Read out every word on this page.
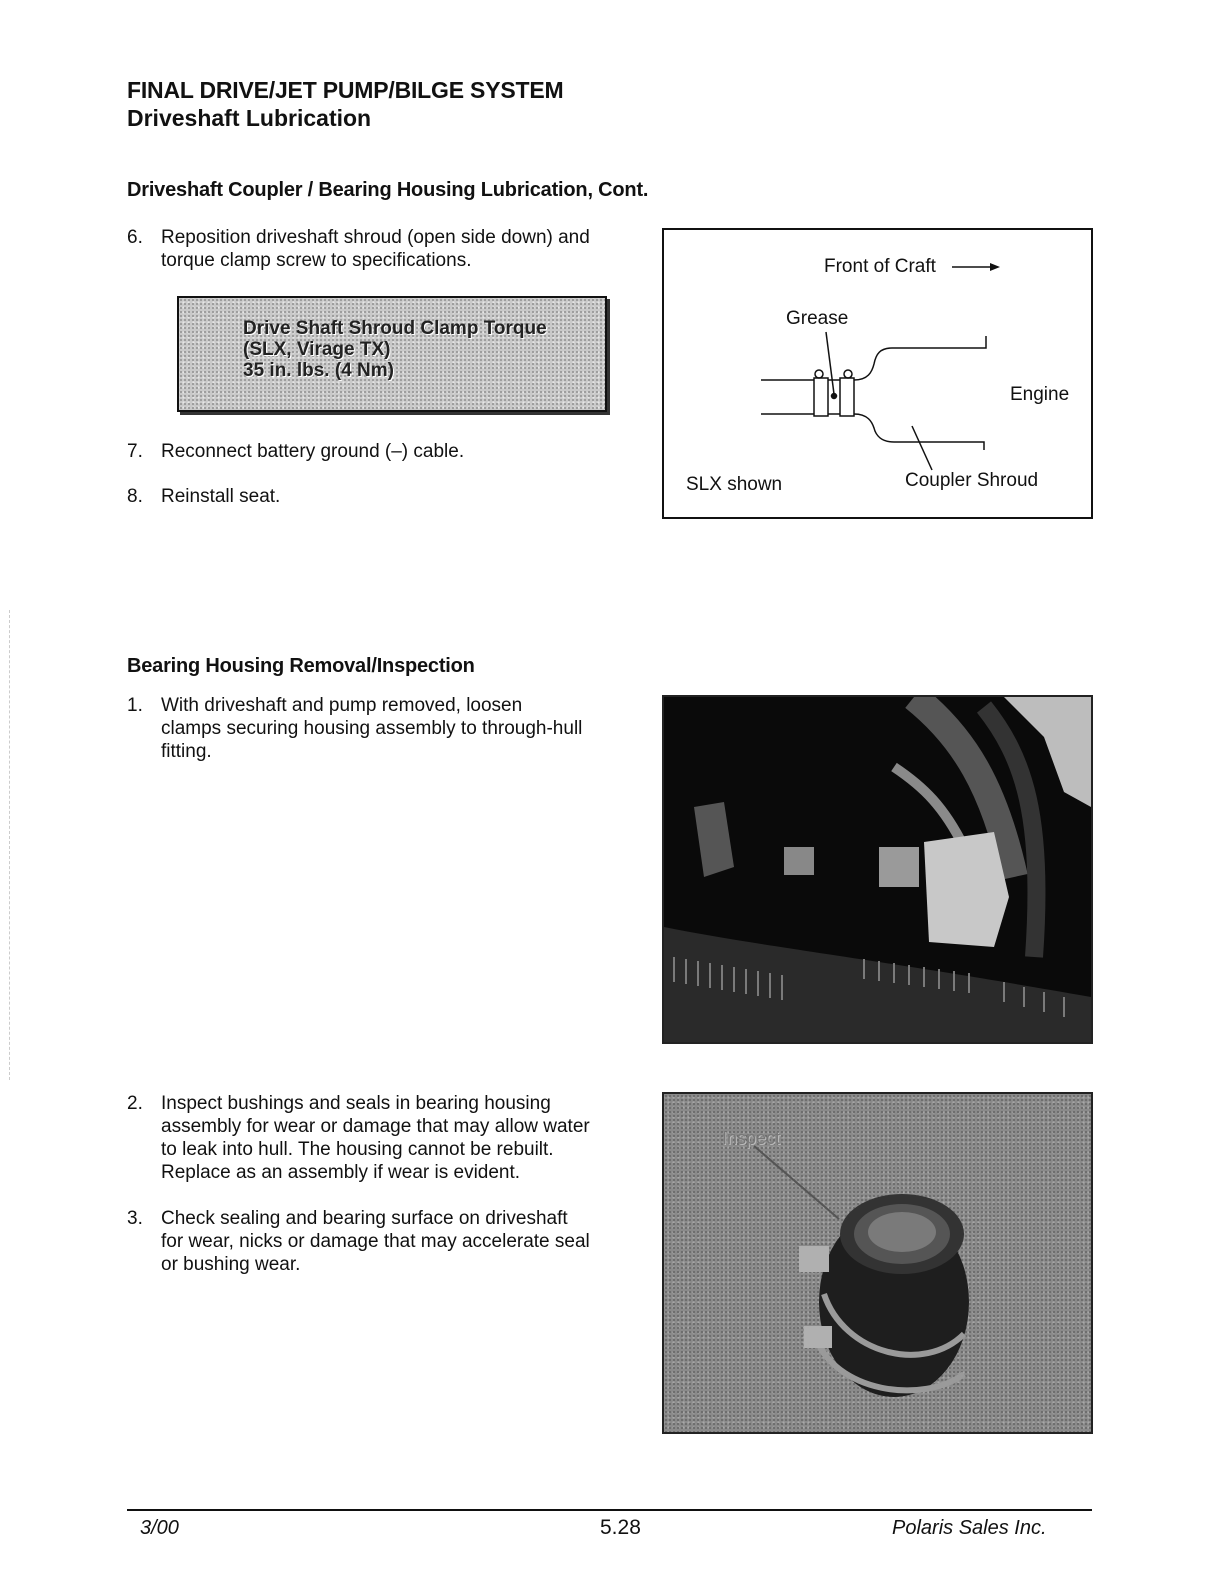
FINAL DRIVE/JET PUMP/BILGE SYSTEM
Driveshaft Lubrication
Driveshaft Coupler / Bearing Housing Lubrication, Cont.
6. Reposition driveshaft shroud (open side down) and
torque clamp screw to specifications.
Drive Shaft Shroud Clamp Torque
(SLX, Virage TX)
35 in. lbs. (4 Nm)
7. Reconnect battery ground (–) cable.
8. Reinstall seat.
Front of Craft
Grease
Engine
SLX shown	Coupler Shroud
Bearing Housing Removal/Inspection
1. With driveshaft and pump removed, loosen
clamps securing housing assembly to through-hull
fitting.
2. Inspect bushings and seals in bearing housing
assembly for wear or damage that may allow water
to leak into hull. The housing cannot be rebuilt.
Replace as an assembly if wear is evident.
3. Check sealing and bearing surface on driveshaft
for wear, nicks or damage that may accelerate seal
or bushing wear.
Inspect
3/00	5.28	Polaris Sales Inc.
